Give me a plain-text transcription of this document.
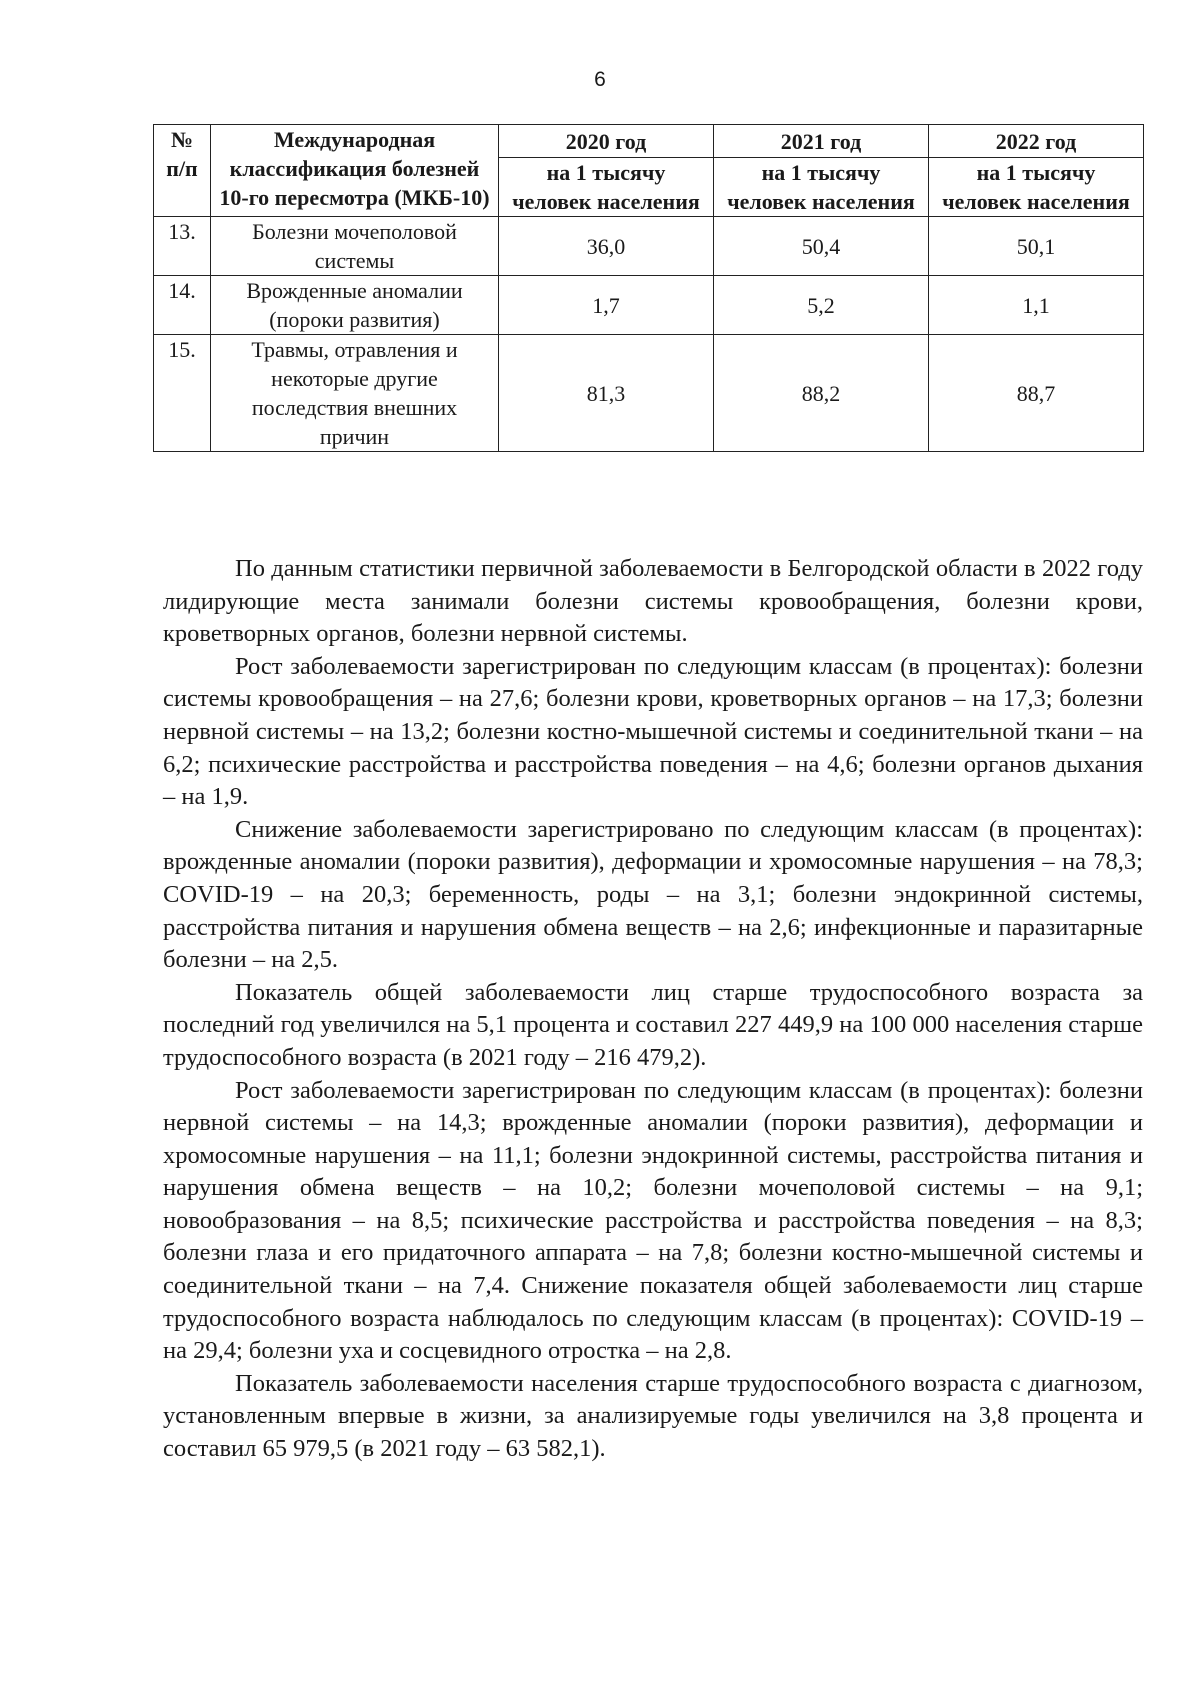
6
№ п/п	Международная классификация болезней 10-го пересмотра (МКБ-10)	2020 год	2021 год	2022 год
		на 1 тысячу человек населения	на 1 тысячу человек населения	на 1 тысячу человек населения
13.	Болезни мочеполовой системы	36,0	50,4	50,1
14.	Врожденные аномалии (пороки развития)	1,7	5,2	1,1
15.	Травмы, отравления и некоторые другие последствия внешних причин	81,3	88,2	88,7

По данным статистики первичной заболеваемости в Белгородской области в 2022 году лидирующие места занимали болезни системы кровообращения, болезни крови, кроветворных органов, болезни нервной системы.

Рост заболеваемости зарегистрирован по следующим классам (в процентах): болезни системы кровообращения – на 27,6; болезни крови, кроветворных органов – на 17,3; болезни нервной системы – на 13,2; болезни костно-мышечной системы и соединительной ткани – на 6,2; психические расстройства и расстройства поведения – на 4,6; болезни органов дыхания – на 1,9.

Снижение заболеваемости зарегистрировано по следующим классам (в процентах): врожденные аномалии (пороки развития), деформации и хромосомные нарушения – на 78,3; COVID-19 – на 20,3; беременность, роды – на 3,1; болезни эндокринной системы, расстройства питания и нарушения обмена веществ – на 2,6; инфекционные и паразитарные болезни – на 2,5.

Показатель общей заболеваемости лиц старше трудоспособного возраста за последний год увеличился на 5,1 процента и составил 227 449,9 на 100 000 населения старше трудоспособного возраста (в 2021 году – 216 479,2).

Рост заболеваемости зарегистрирован по следующим классам (в процентах): болезни нервной системы – на 14,3; врожденные аномалии (пороки развития), деформации и хромосомные нарушения – на 11,1; болезни эндокринной системы, расстройства питания и нарушения обмена веществ – на 10,2; болезни мочеполовой системы – на 9,1; новообразования – на 8,5; психические расстройства и расстройства поведения – на 8,3; болезни глаза и его придаточного аппарата – на 7,8; болезни костно-мышечной системы и соединительной ткани – на 7,4. Снижение показателя общей заболеваемости лиц старше трудоспособного возраста наблюдалось по следующим классам (в процентах): COVID-19 – на 29,4; болезни уха и сосцевидного отростка – на 2,8.

Показатель заболеваемости населения старше трудоспособного возраста с диагнозом, установленным впервые в жизни, за анализируемые годы увеличился на 3,8 процента и составил 65 979,5 (в 2021 году – 63 582,1).
